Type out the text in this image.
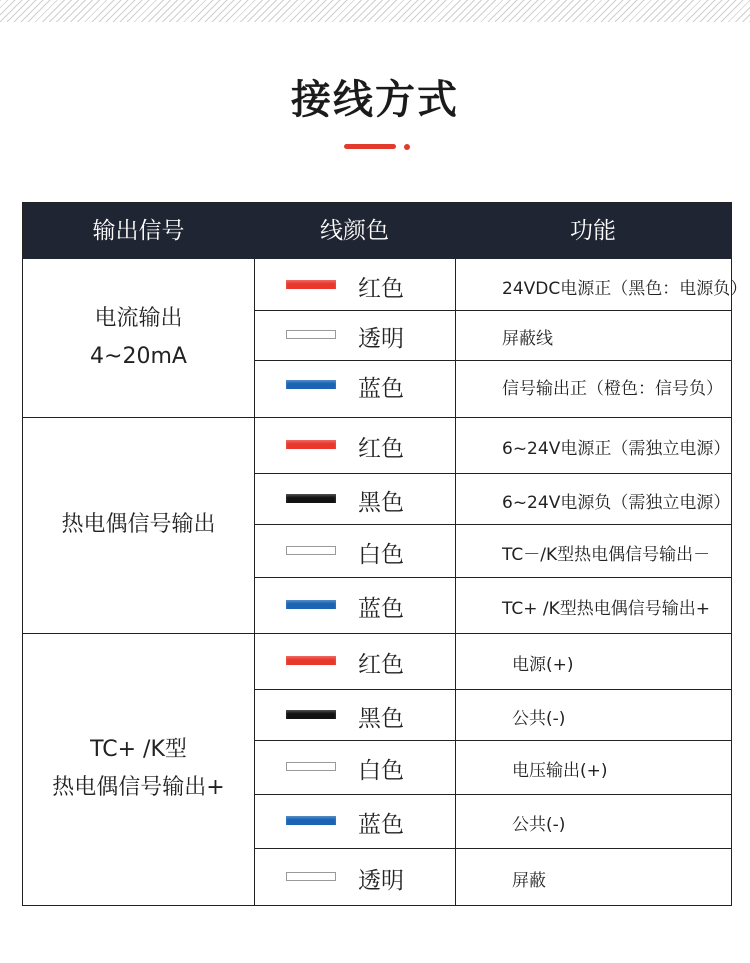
接线方式
输出信号	线颜色	功能
电流输出
4~20mA
红色	24VDC电源正（黑色：电源负）
透明	屏蔽线
蓝色	信号输出正（橙色：信号负）
热电偶信号输出
红色	6~24V电源正（需独立电源）
黑色	6~24V电源负（需独立电源）
白色	TC－/K型热电偶信号输出－
蓝色	TC+ /K型热电偶信号输出+
TC+ /K型
热电偶信号输出+
红色	电源(+)
黑色	公共(-)
白色	电压输出(+)
蓝色	公共(-)
透明	屏蔽
